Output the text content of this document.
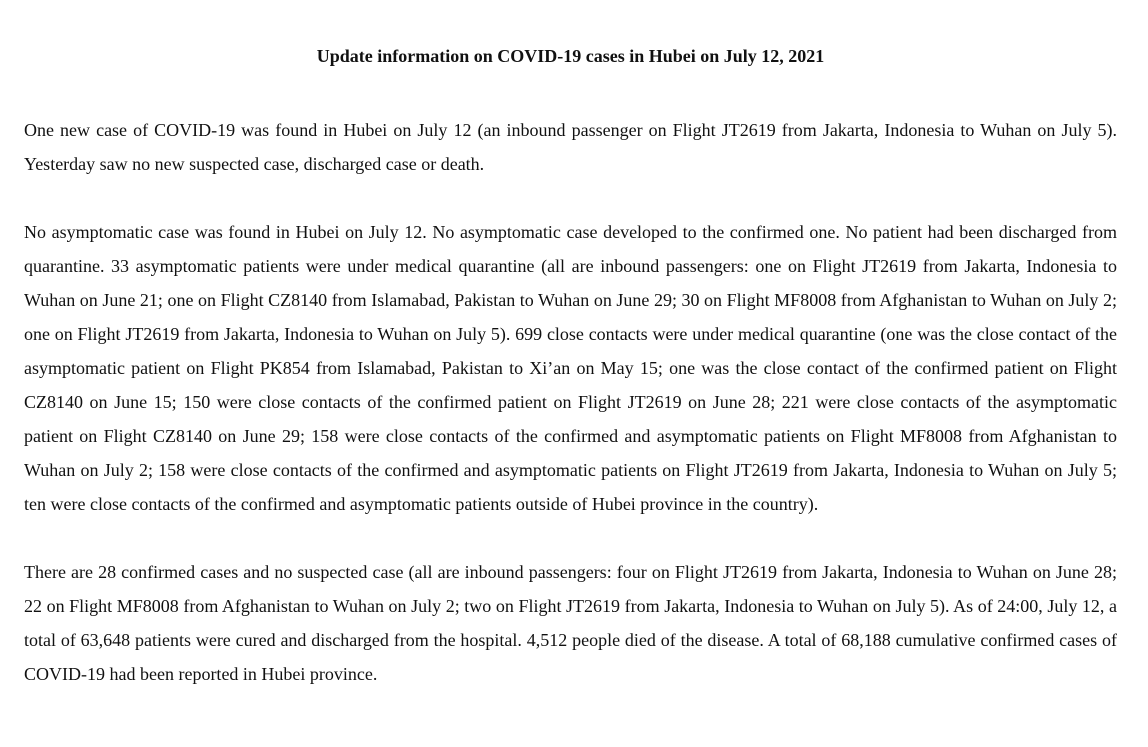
Update information on COVID-19 cases in Hubei on July 12, 2021

One new case of COVID-19 was found in Hubei on July 12 (an inbound passenger on Flight JT2619 from Jakarta, Indonesia to Wuhan on July 5). Yesterday saw no new suspected case, discharged case or death.

No asymptomatic case was found in Hubei on July 12. No asymptomatic case developed to the confirmed one. No patient had been discharged from quarantine. 33 asymptomatic patients were under medical quarantine (all are inbound passengers: one on Flight JT2619 from Jakarta, Indonesia to Wuhan on June 21; one on Flight CZ8140 from Islamabad, Pakistan to Wuhan on June 29; 30 on Flight MF8008 from Afghanistan to Wuhan on July 2; one on Flight JT2619 from Jakarta, Indonesia to Wuhan on July 5). 699 close contacts were under medical quarantine (one was the close contact of the asymptomatic patient on Flight PK854 from Islamabad, Pakistan to Xi’an on May 15; one was the close contact of the confirmed patient on Flight CZ8140 on June 15; 150 were close contacts of the confirmed patient on Flight JT2619 on June 28; 221 were close contacts of the asymptomatic patient on Flight CZ8140 on June 29; 158 were close contacts of the confirmed and asymptomatic patients on Flight MF8008 from Afghanistan to Wuhan on July 2; 158 were close contacts of the confirmed and asymptomatic patients on Flight JT2619 from Jakarta, Indonesia to Wuhan on July 5; ten were close contacts of the confirmed and asymptomatic patients outside of Hubei province in the country).

There are 28 confirmed cases and no suspected case (all are inbound passengers: four on Flight JT2619 from Jakarta, Indonesia to Wuhan on June 28; 22 on Flight MF8008 from Afghanistan to Wuhan on July 2; two on Flight JT2619 from Jakarta, Indonesia to Wuhan on July 5). As of 24:00, July 12, a total of 63,648 patients were cured and discharged from the hospital. 4,512 people died of the disease. A total of 68,188 cumulative confirmed cases of COVID-19 had been reported in Hubei province.
